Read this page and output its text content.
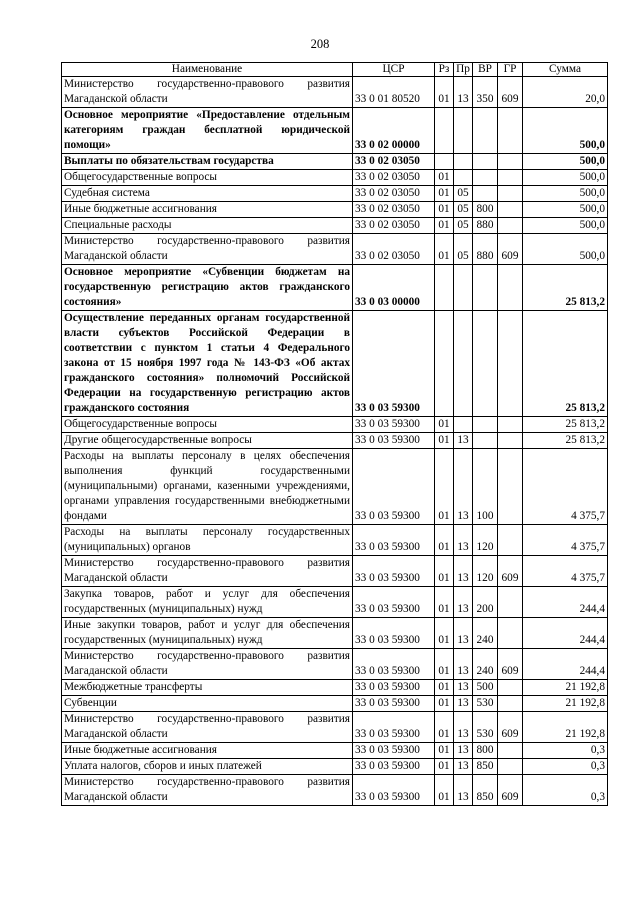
208
Наименование	ЦСР	Рз	Пр	ВР	ГР	Сумма
Министерство государственно-правового развития Магаданской области	33 0 01 80520	01	13	350	609	20,0
Основное мероприятие «Предоставление отдельным категориям граждан бесплатной юридической помощи»	33 0 02 00000					500,0
Выплаты по обязательствам государства	33 0 02 03050					500,0
Общегосударственные вопросы	33 0 02 03050	01				500,0
Судебная система	33 0 02 03050	01	05			500,0
Иные бюджетные ассигнования	33 0 02 03050	01	05	800		500,0
Специальные расходы	33 0 02 03050	01	05	880		500,0
Министерство государственно-правового развития Магаданской области	33 0 02 03050	01	05	880	609	500,0
Основное мероприятие «Субвенции бюджетам на государственную регистрацию актов гражданского состояния»	33 0 03 00000					25 813,2
Осуществление переданных органам государственной власти субъектов Российской Федерации в соответствии с пунктом 1 статьи 4 Федерального закона от 15 ноября 1997 года № 143-ФЗ «Об актах гражданского состояния» полномочий Российской Федерации на государственную регистрацию актов гражданского состояния	33 0 03 59300					25 813,2
Общегосударственные вопросы	33 0 03 59300	01				25 813,2
Другие общегосударственные вопросы	33 0 03 59300	01	13			25 813,2
Расходы на выплаты персоналу в целях обеспечения выполнения функций государственными (муниципальными) органами, казенными учреждениями, органами управления государственными внебюджетными фондами	33 0 03 59300	01	13	100		4 375,7
Расходы на выплаты персоналу государственных (муниципальных) органов	33 0 03 59300	01	13	120		4 375,7
Министерство государственно-правового развития Магаданской области	33 0 03 59300	01	13	120	609	4 375,7
Закупка товаров, работ и услуг для обеспечения государственных (муниципальных) нужд	33 0 03 59300	01	13	200		244,4
Иные закупки товаров, работ и услуг для обеспечения государственных (муниципальных) нужд	33 0 03 59300	01	13	240		244,4
Министерство государственно-правового развития Магаданской области	33 0 03 59300	01	13	240	609	244,4
Межбюджетные трансферты	33 0 03 59300	01	13	500		21 192,8
Субвенции	33 0 03 59300	01	13	530		21 192,8
Министерство государственно-правового развития Магаданской области	33 0 03 59300	01	13	530	609	21 192,8
Иные бюджетные ассигнования	33 0 03 59300	01	13	800		0,3
Уплата налогов, сборов и иных платежей	33 0 03 59300	01	13	850		0,3
Министерство государственно-правового развития Магаданской области	33 0 03 59300	01	13	850	609	0,3
